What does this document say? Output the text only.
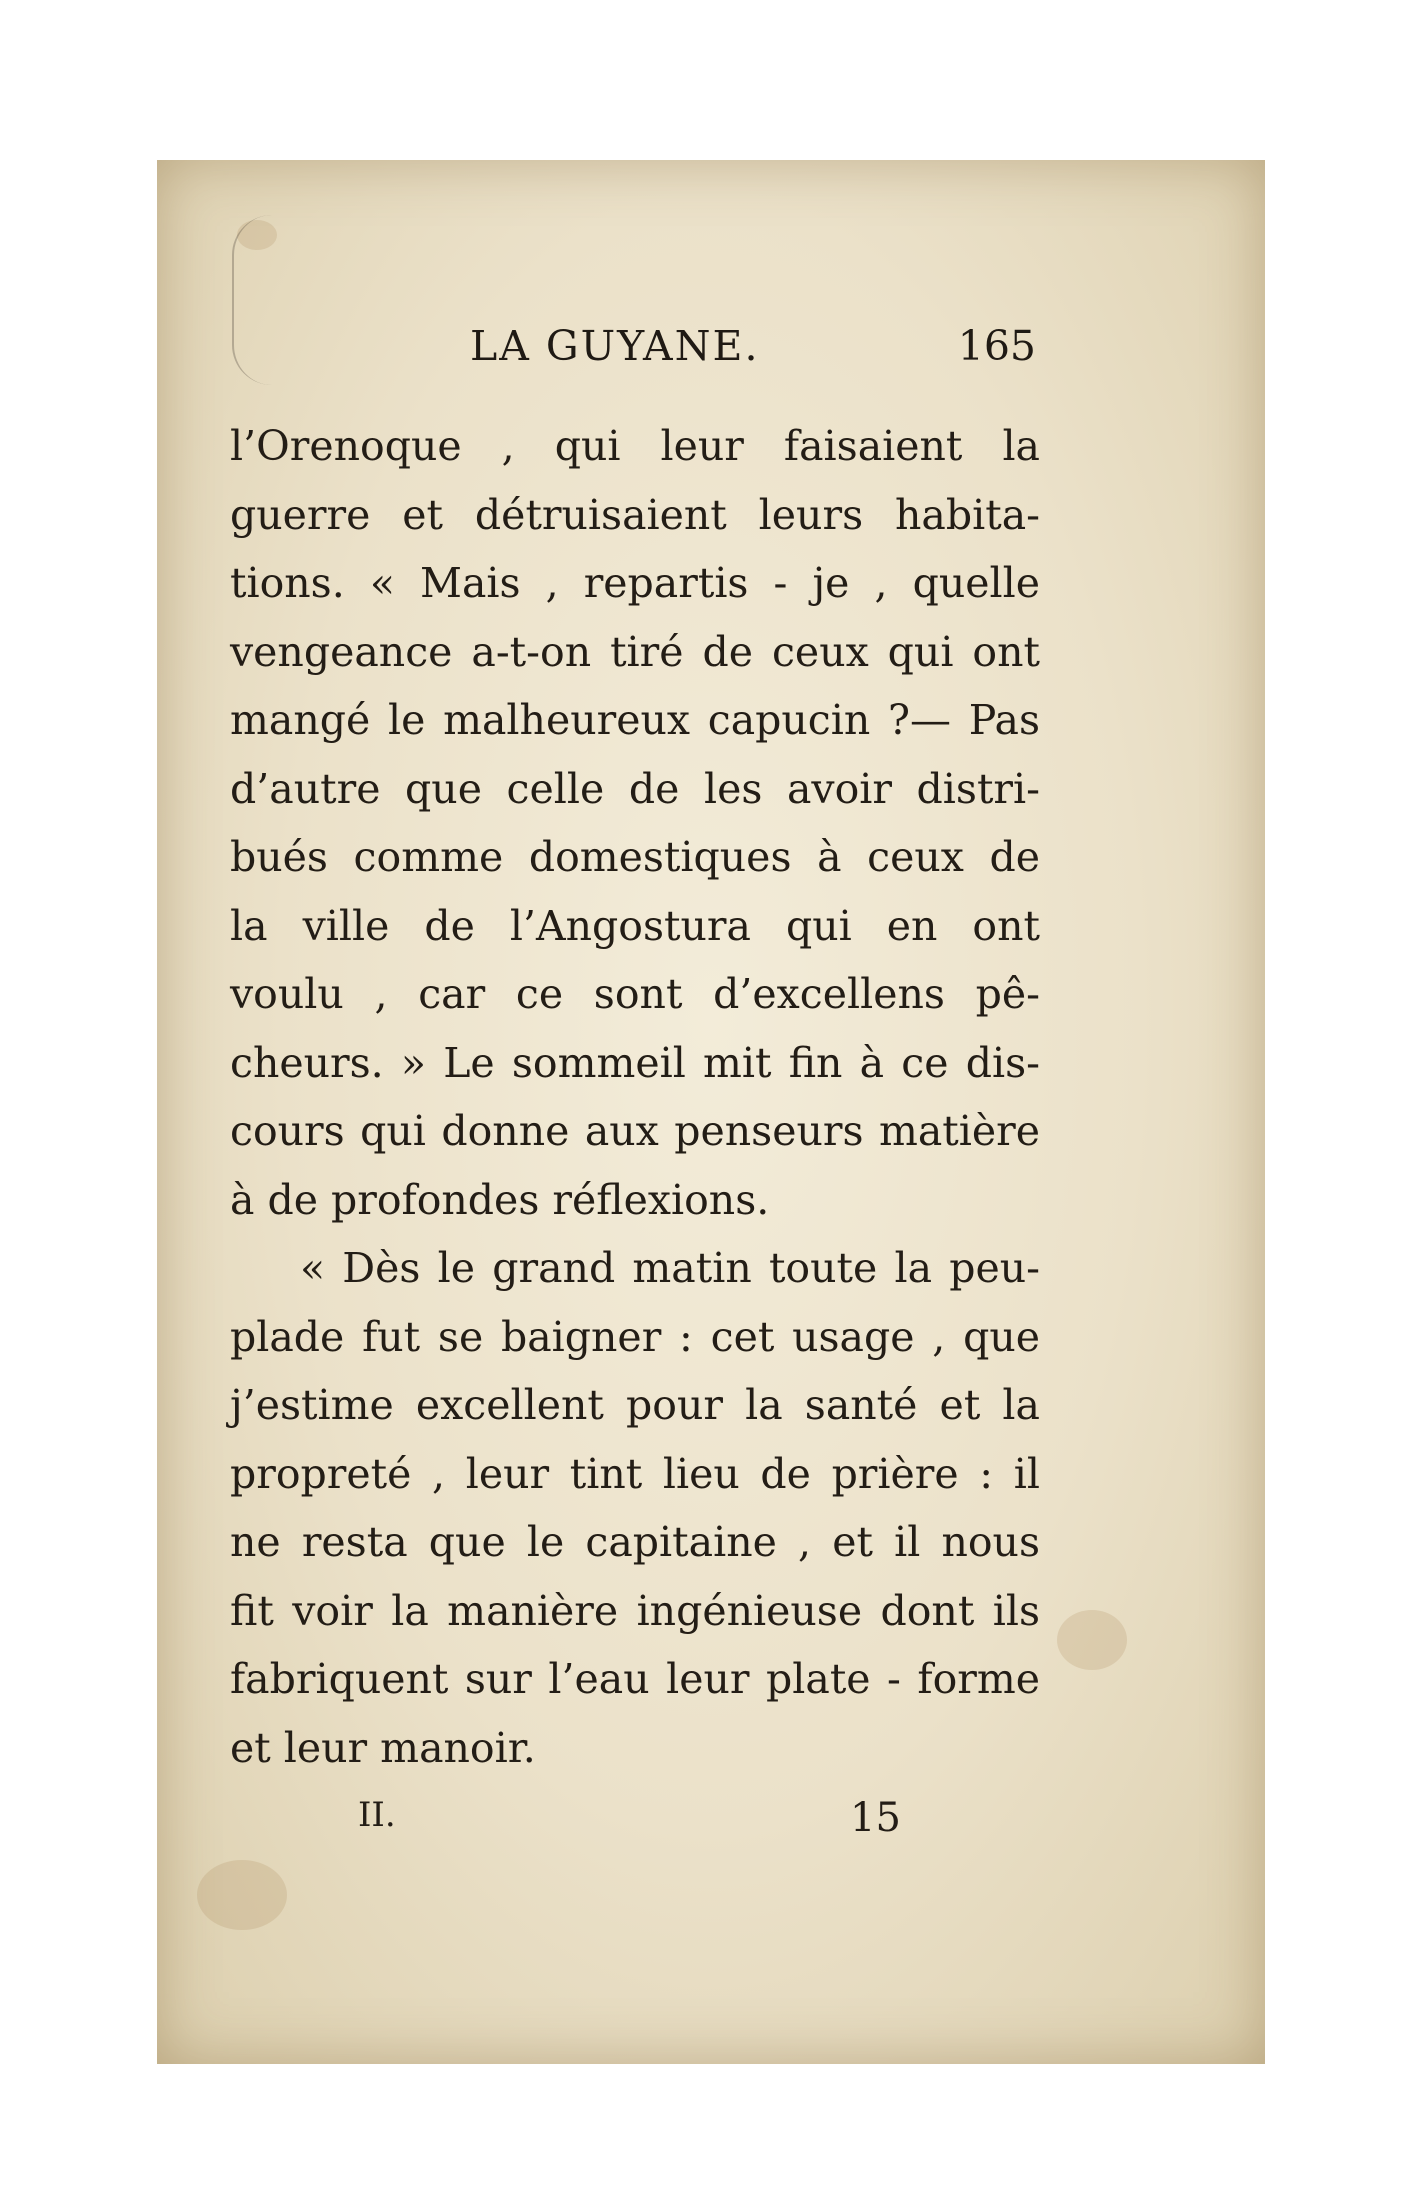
LA GUYANE.	165
l’Orenoque , qui leur faisaient la
guerre et détruisaient leurs habita-
tions. « Mais , repartis - je , quelle
vengeance a-t-on tiré de ceux qui ont
mangé le malheureux capucin ?— Pas
d’autre que celle de les avoir distri-
bués comme domestiques à ceux de
la ville de l’Angostura qui en ont
voulu , car ce sont d’excellens pê-
cheurs. » Le sommeil mit fin à ce dis-
cours qui donne aux penseurs matière
à de profondes réflexions.
« Dès le grand matin toute la peu-
plade fut se baigner : cet usage , que
j’estime excellent pour la santé et la
propreté , leur tint lieu de prière : il
ne resta que le capitaine , et il nous
fit voir la manière ingénieuse dont ils
fabriquent sur l’eau leur plate - forme
et leur manoir.
II.	15
